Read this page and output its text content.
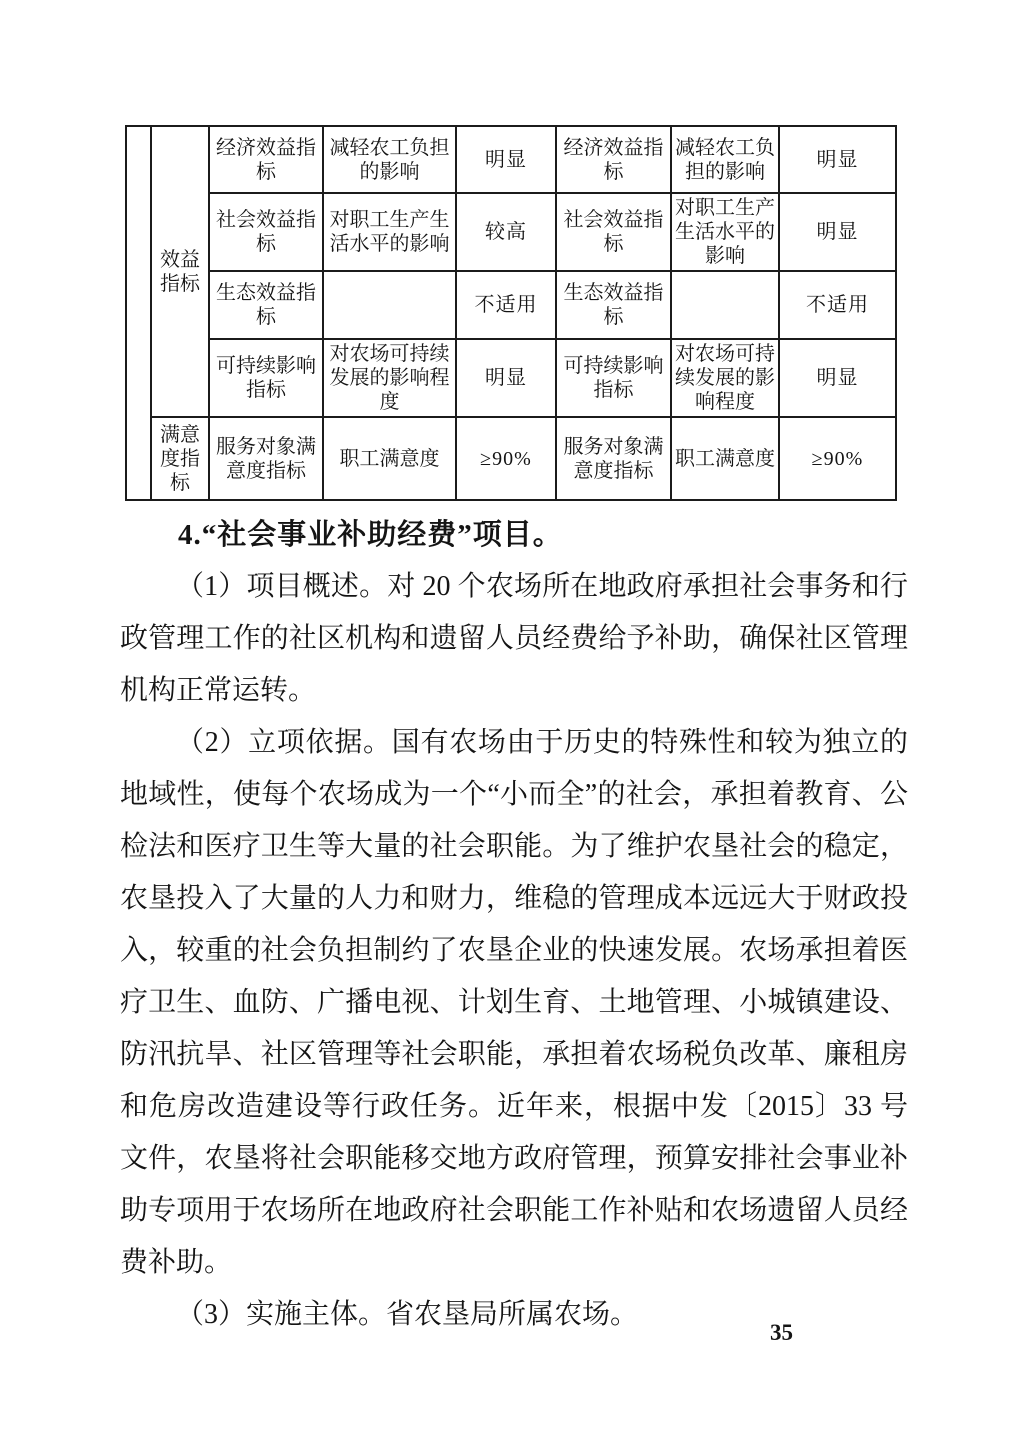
	效益指标	经济效益指标	减轻农工负担的影响	明显	经济效益指标	减轻农工负担的影响	明显
		社会效益指标	对职工生产生活水平的影响	较高	社会效益指标	对职工生产生活水平的影响	明显
		生态效益指标		不适用	生态效益指标		不适用
		可持续影响指标	对农场可持续发展的影响程度	明显	可持续影响指标	对农场可持续发展的影响程度	明显
	满意度指标	服务对象满意度指标	职工满意度	≥90%	服务对象满意度指标	职工满意度	≥90%
4.“社会事业补助经费”项目。

（1）项目概述。对 20 个农场所在地政府承担社会事务和行政管理工作的社区机构和遗留人员经费给予补助，确保社区管理机构正常运转。

（2）立项依据。国有农场由于历史的特殊性和较为独立的地域性，使每个农场成为一个“小而全”的社会，承担着教育、公检法和医疗卫生等大量的社会职能。为了维护农垦社会的稳定，农垦投入了大量的人力和财力，维稳的管理成本远远大于财政投入，较重的社会负担制约了农垦企业的快速发展。农场承担着医疗卫生、血防、广播电视、计划生育、土地管理、小城镇建设、防汛抗旱、社区管理等社会职能，承担着农场税负改革、廉租房和危房改造建设等行政任务。近年来，根据中发〔2015〕33 号文件，农垦将社会职能移交地方政府管理，预算安排社会事业补助专项用于农场所在地政府社会职能工作补贴和农场遗留人员经费补助。

（3）实施主体。省农垦局所属农场。

35
